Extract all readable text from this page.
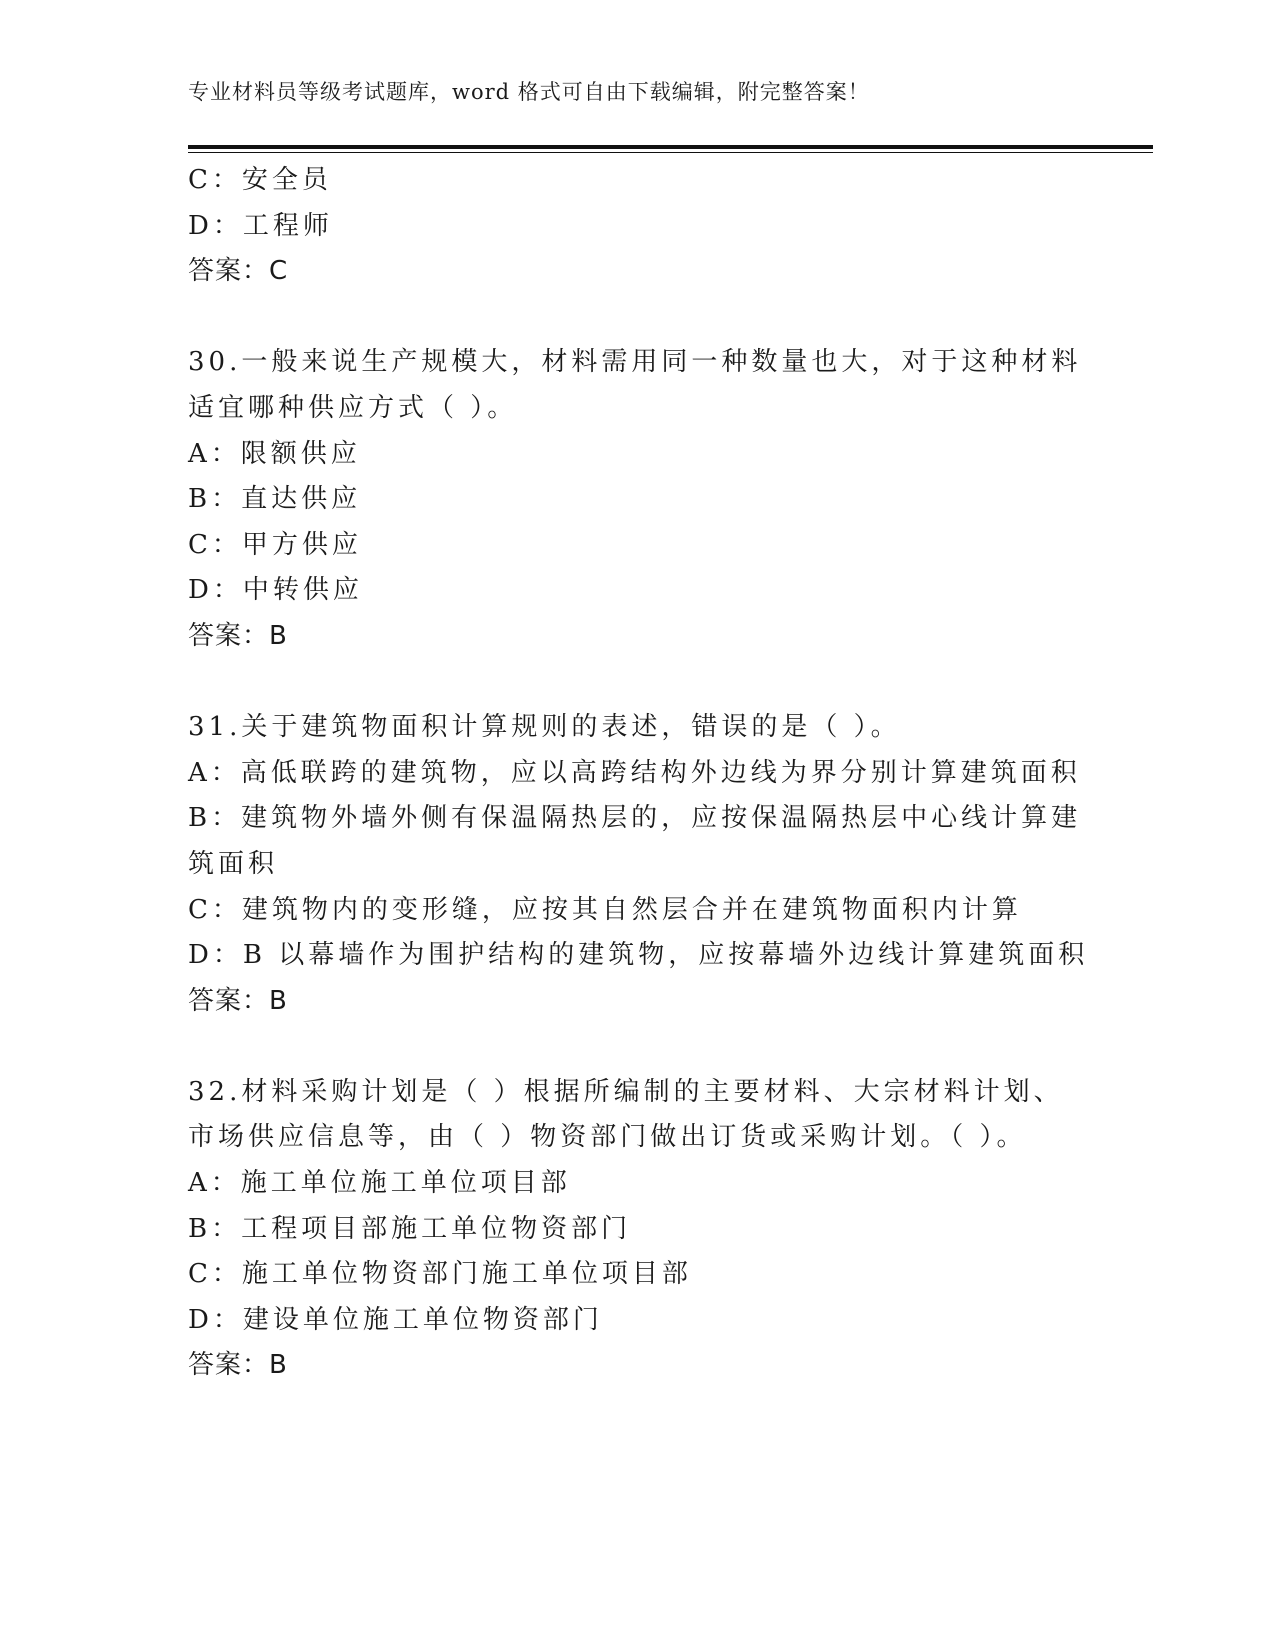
专业材料员等级考试题库，word 格式可自由下载编辑，附完整答案！
C：安全员
D：工程师
答案：C
30.一般来说生产规模大，材料需用同一种数量也大，对于这种材料适宜哪种供应方式（ ）。
A：限额供应
B：直达供应
C：甲方供应
D：中转供应
答案：B
31.关于建筑物面积计算规则的表述，错误的是（ ）。
A：高低联跨的建筑物，应以高跨结构外边线为界分别计算建筑面积
B：建筑物外墙外侧有保温隔热层的，应按保温隔热层中心线计算建筑面积
C：建筑物内的变形缝，应按其自然层合并在建筑物面积内计算
D：B 以幕墙作为围护结构的建筑物，应按幕墙外边线计算建筑面积
答案：B
32.材料采购计划是（ ）根据所编制的主要材料、大宗材料计划、市场供应信息等，由（ ）物资部门做出订货或采购计划。（ ）。
A：施工单位施工单位项目部
B：工程项目部施工单位物资部门
C：施工单位物资部门施工单位项目部
D：建设单位施工单位物资部门
答案：B
